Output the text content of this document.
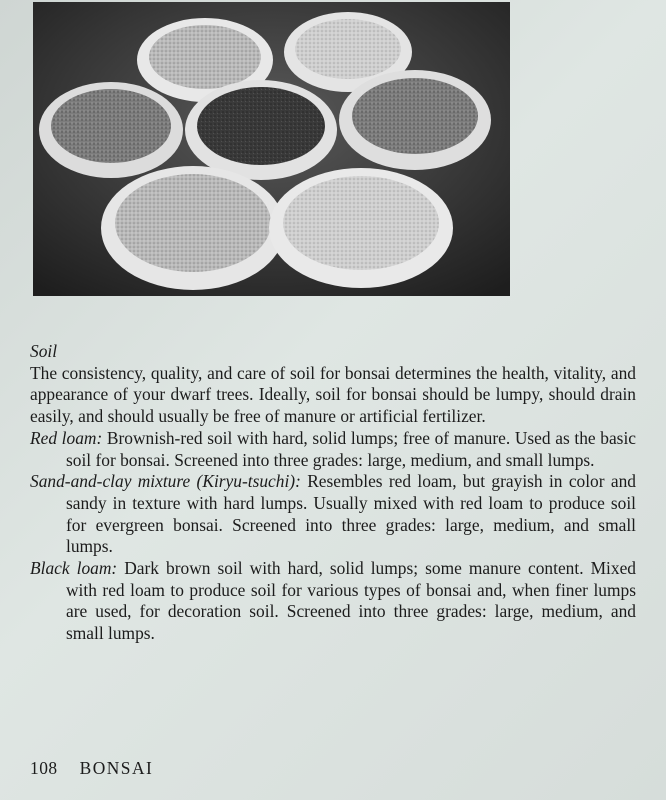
Soil

The consistency, quality, and care of soil for bonsai determines the health, vitality, and appearance of your dwarf trees. Ideally, soil for bonsai should be lumpy, should drain easily, and should usually be free of manure or artificial fertilizer.

Red loam: Brownish-red soil with hard, solid lumps; free of manure. Used as the basic soil for bonsai. Screened into three grades: large, medium, and small lumps.

Sand-and-clay mixture (Kiryu-tsuchi): Resembles red loam, but grayish in color and sandy in texture with hard lumps. Usually mixed with red loam to produce soil for evergreen bonsai. Screened into three grades: large, medium, and small lumps.

Black loam: Dark brown soil with hard, solid lumps; some manure content. Mixed with red loam to produce soil for various types of bonsai and, when finer lumps are used, for decoration soil. Screened into three grades: large, medium, and small lumps.

108 BONSAI
